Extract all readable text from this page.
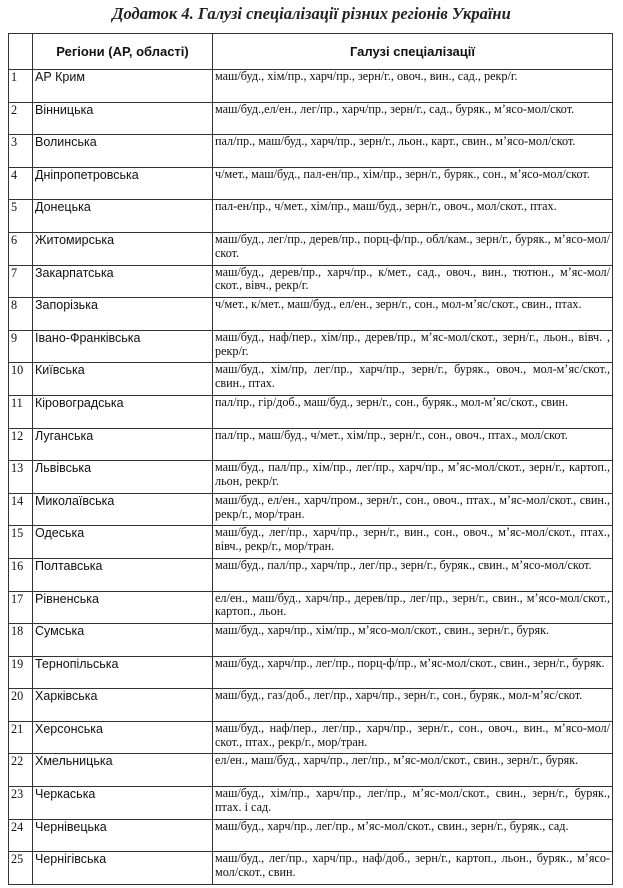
Додаток 4. Галузі спеціалізації різних регіонів України
	Регіони (АР, області)	Галузі спеціалізації
1	АР Крим	маш/буд., хім/пр., харч/пр., зерн/г., овоч., вин., сад., рекр/г.
2	Вінницька	маш/буд.,ел/ен., лег/пр., харч/пр., зерн/г., сад., буряк., м’ясо-мол/скот.
3	Волинська	пал/пр., маш/буд., харч/пр., зерн/г., льон., карт., свин., м’ясо-мол/скот.
4	Дніпропетровська	ч/мет., маш/буд., пал-ен/пр., хім/пр., зерн/г., буряк., сон., м’ясо-мол/скот.
5	Донецька	пал-ен/пр., ч/мет., хім/пр., маш/буд., зерн/г., овоч., мол/скот., птах.
6	Житомирська	маш/буд., лег/пр., дерев/пр., порц-ф/пр., обл/кам., зерн/г., буряк., м’ясо-мол/скот.
7	Закарпатська	маш/буд., дерев/пр., харч/пр., к/мет., сад., овоч., вин., тютюн., м’яс-мол/ скот., вівч., рекр/г.
8	Запорізька	ч/мет., к/мет., маш/буд., ел/ен., зерн/г., сон., мол-м’яс/скот., свин., птах.
9	Івано-Франківська	маш/буд., наф/пер., хім/пр., дерев/пр., м’яс-мол/скот., зерн/г., льон., вівч. , рекр/г.
10	Київська	маш/буд., хім/пр, лег/пр., харч/пр., зерн/г., буряк., овоч., мол-м’яс/скот., свин., птах.
11	Кіровоградська	пал/пр., гір/доб., маш/буд., зерн/г., сон., буряк., мол-м’яс/скот., свин.
12	Луганська	пал/пр., маш/буд., ч/мет., хім/пр., зерн/г., сон., овоч., птах., мол/скот.
13	Львівська	маш/буд., пал/пр., хім/пр., лег/пр., харч/пр., м’яс-мол/скот., зерн/г., картоп., льон, рекр/г.
14	Миколаївська	маш/буд., ел/ен., харч/пром., зерн/г., сон., овоч., птах., м’яс-мол/скот., свин., рекр/г., мор/тран.
15	Одеська	маш/буд., лег/пр., харч/пр., зерн/г., вин., сон., овоч., м’яс-мол/скот., птах., вівч., рекр/г., мор/тран.
16	Полтавська	маш/буд., пал/пр., харч/пр., лег/пр., зерн/г., буряк., свин., м’ясо-мол/скот.
17	Рівненська	ел/ен., маш/буд., харч/пр., дерев/пр., лег/пр., зерн/г., свин., м’ясо-мол/скот., картоп., льон.
18	Сумська	маш/буд., харч/пр., хім/пр., м’ясо-мол/скот., свин., зерн/г., буряк.
19	Тернопільська	маш/буд., харч/пр., лег/пр., порц-ф/пр., м’яс-мол/скот., свин., зерн/г., буряк.
20	Харківська	маш/буд., газ/доб., лег/пр., харч/пр., зерн/г., сон., буряк., мол-м’яс/скот.
21	Херсонська	маш/буд., наф/пер., лег/пр., харч/пр., зерн/г., сон., овоч., вин., м’ясо-мол/скот., птах., рекр/г., мор/тран.
22	Хмельницька	ел/ен., маш/буд., харч/пр., лег/пр., м’яс-мол/скот., свин., зерн/г., буряк.
23	Черкаська	маш/буд., хім/пр., харч/пр., лег/пр., м’яс-мол/скот., свин., зерн/г., буряк., птах. і сад.
24	Чернівецька	маш/буд., харч/пр., лег/пр., м’яс-мол/скот., свин., зерн/г., буряк., сад.
25	Чернігівська	маш/буд., лег/пр., харч/пр., наф/доб., зерн/г., картоп., льон., буряк., м’ясо-мол/скот., свин.
